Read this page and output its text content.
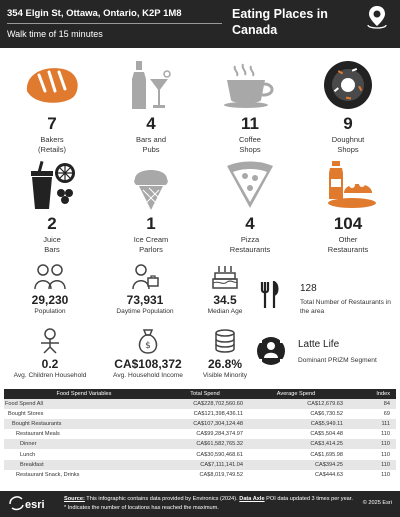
354 Elgin St, Ottawa, Ontario, K2P 1M8
Walk time of 15 minutes
Eating Places in Canada
7
Bakers
(Retails)
4
Bars and
Pubs
11
Coffee
Shops
9
Doughnut
Shops
2
Juice
Bars
1
Ice Cream
Parlors
4
Pizza
Restaurants
104
Other
Restaurants
29,230
Population
73,931
Daytime Population
34.5
Median Age
0.2
Avg. Children Household
$
CA$108,372
Avg. Household Income
26.8%
Visible Minority
128
Total Number of Restaurants in the area
Latte Life
Dominant PRIZM Segment
Food Spend Variables	Total Spend	Average Spend	Index
Food Spend All	CA$228,702,560.60	CA$12,679.63	84
Bought Stores	CA$121,398,436.11	CA$6,730.52	69
Bought Restaurants	CA$107,304,124.48	CA$5,949.11	111
Restaurant Meals	CA$99,284,374.97	CA$5,504.48	110
Dinner	CA$61,582,765.32	CA$3,414.25	110
Lunch	CA$30,590,468.61	CA$1,695.98	110
Breakfast	CA$7,111,141.04	CA$394.25	110
Restaurant Snack, Drinks	CA$8,019,749.52	CA$444.63	110
esri	Source: This infographic contains data provided by Environics (2024). Data Axle POI data updated 3 times per year.
* Indicates the number of locations has reached the maximum.
© 2025 Esri
